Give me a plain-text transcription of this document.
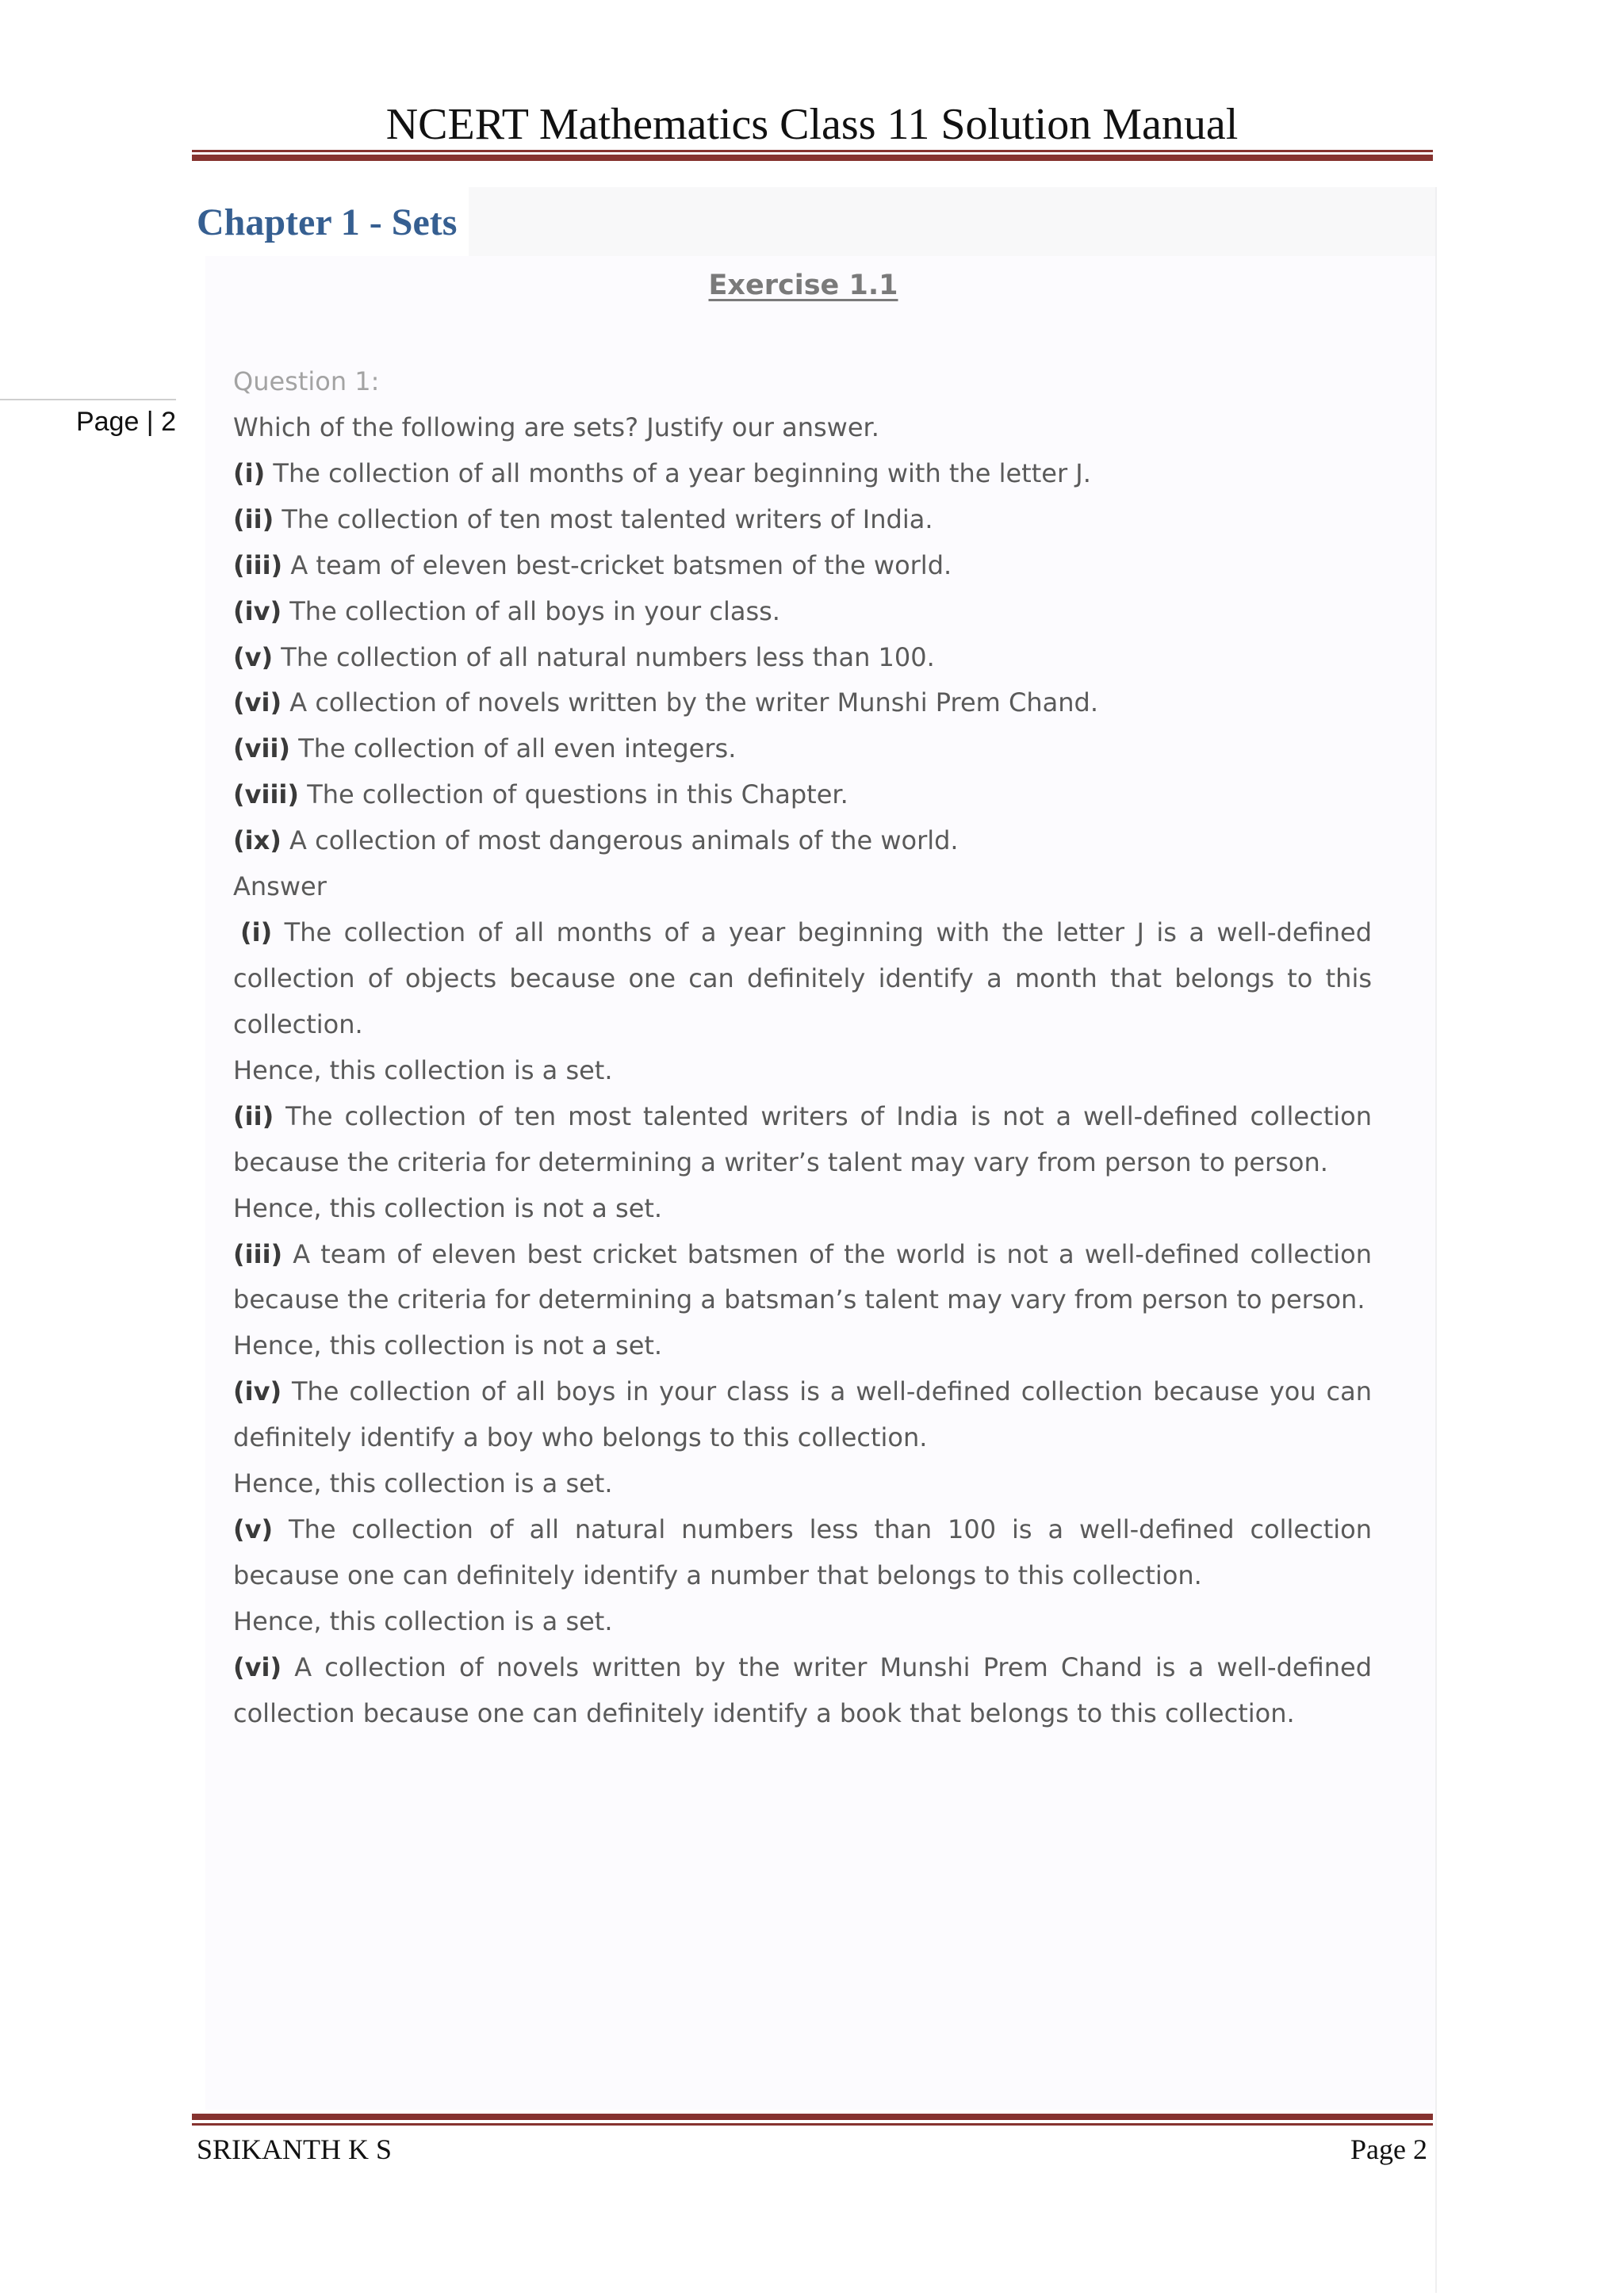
NCERT Mathematics Class 11 Solution Manual
Chapter 1 - Sets
Page | 2
Exercise 1.1
Question 1:
Which of the following are sets? Justify our answer.
(i) The collection of all months of a year beginning with the letter J.
(ii) The collection of ten most talented writers of India.
(iii) A team of eleven best-cricket batsmen of the world.
(iv) The collection of all boys in your class.
(v) The collection of all natural numbers less than 100.
(vi) A collection of novels written by the writer Munshi Prem Chand.
(vii) The collection of all even integers.
(viii) The collection of questions in this Chapter.
(ix) A collection of most dangerous animals of the world.
Answer
(i) The collection of all months of a year beginning with the letter J is a well-defined
collection of objects because one can definitely identify a month that belongs to this
collection.
Hence, this collection is a set.
(ii) The collection of ten most talented writers of India is not a well-defined collection
because the criteria for determining a writer’s talent may vary from person to person.
Hence, this collection is not a set.
(iii) A team of eleven best cricket batsmen of the world is not a well-defined collection
because the criteria for determining a batsman’s talent may vary from person to person.
Hence, this collection is not a set.
(iv) The collection of all boys in your class is a well-defined collection because you can
definitely identify a boy who belongs to this collection.
Hence, this collection is a set.
(v) The collection of all natural numbers less than 100 is a well-defined collection
because one can definitely identify a number that belongs to this collection.
Hence, this collection is a set.
(vi) A collection of novels written by the writer Munshi Prem Chand is a well-defined
collection because one can definitely identify a book that belongs to this collection.
SRIKANTH K S	Page 2
